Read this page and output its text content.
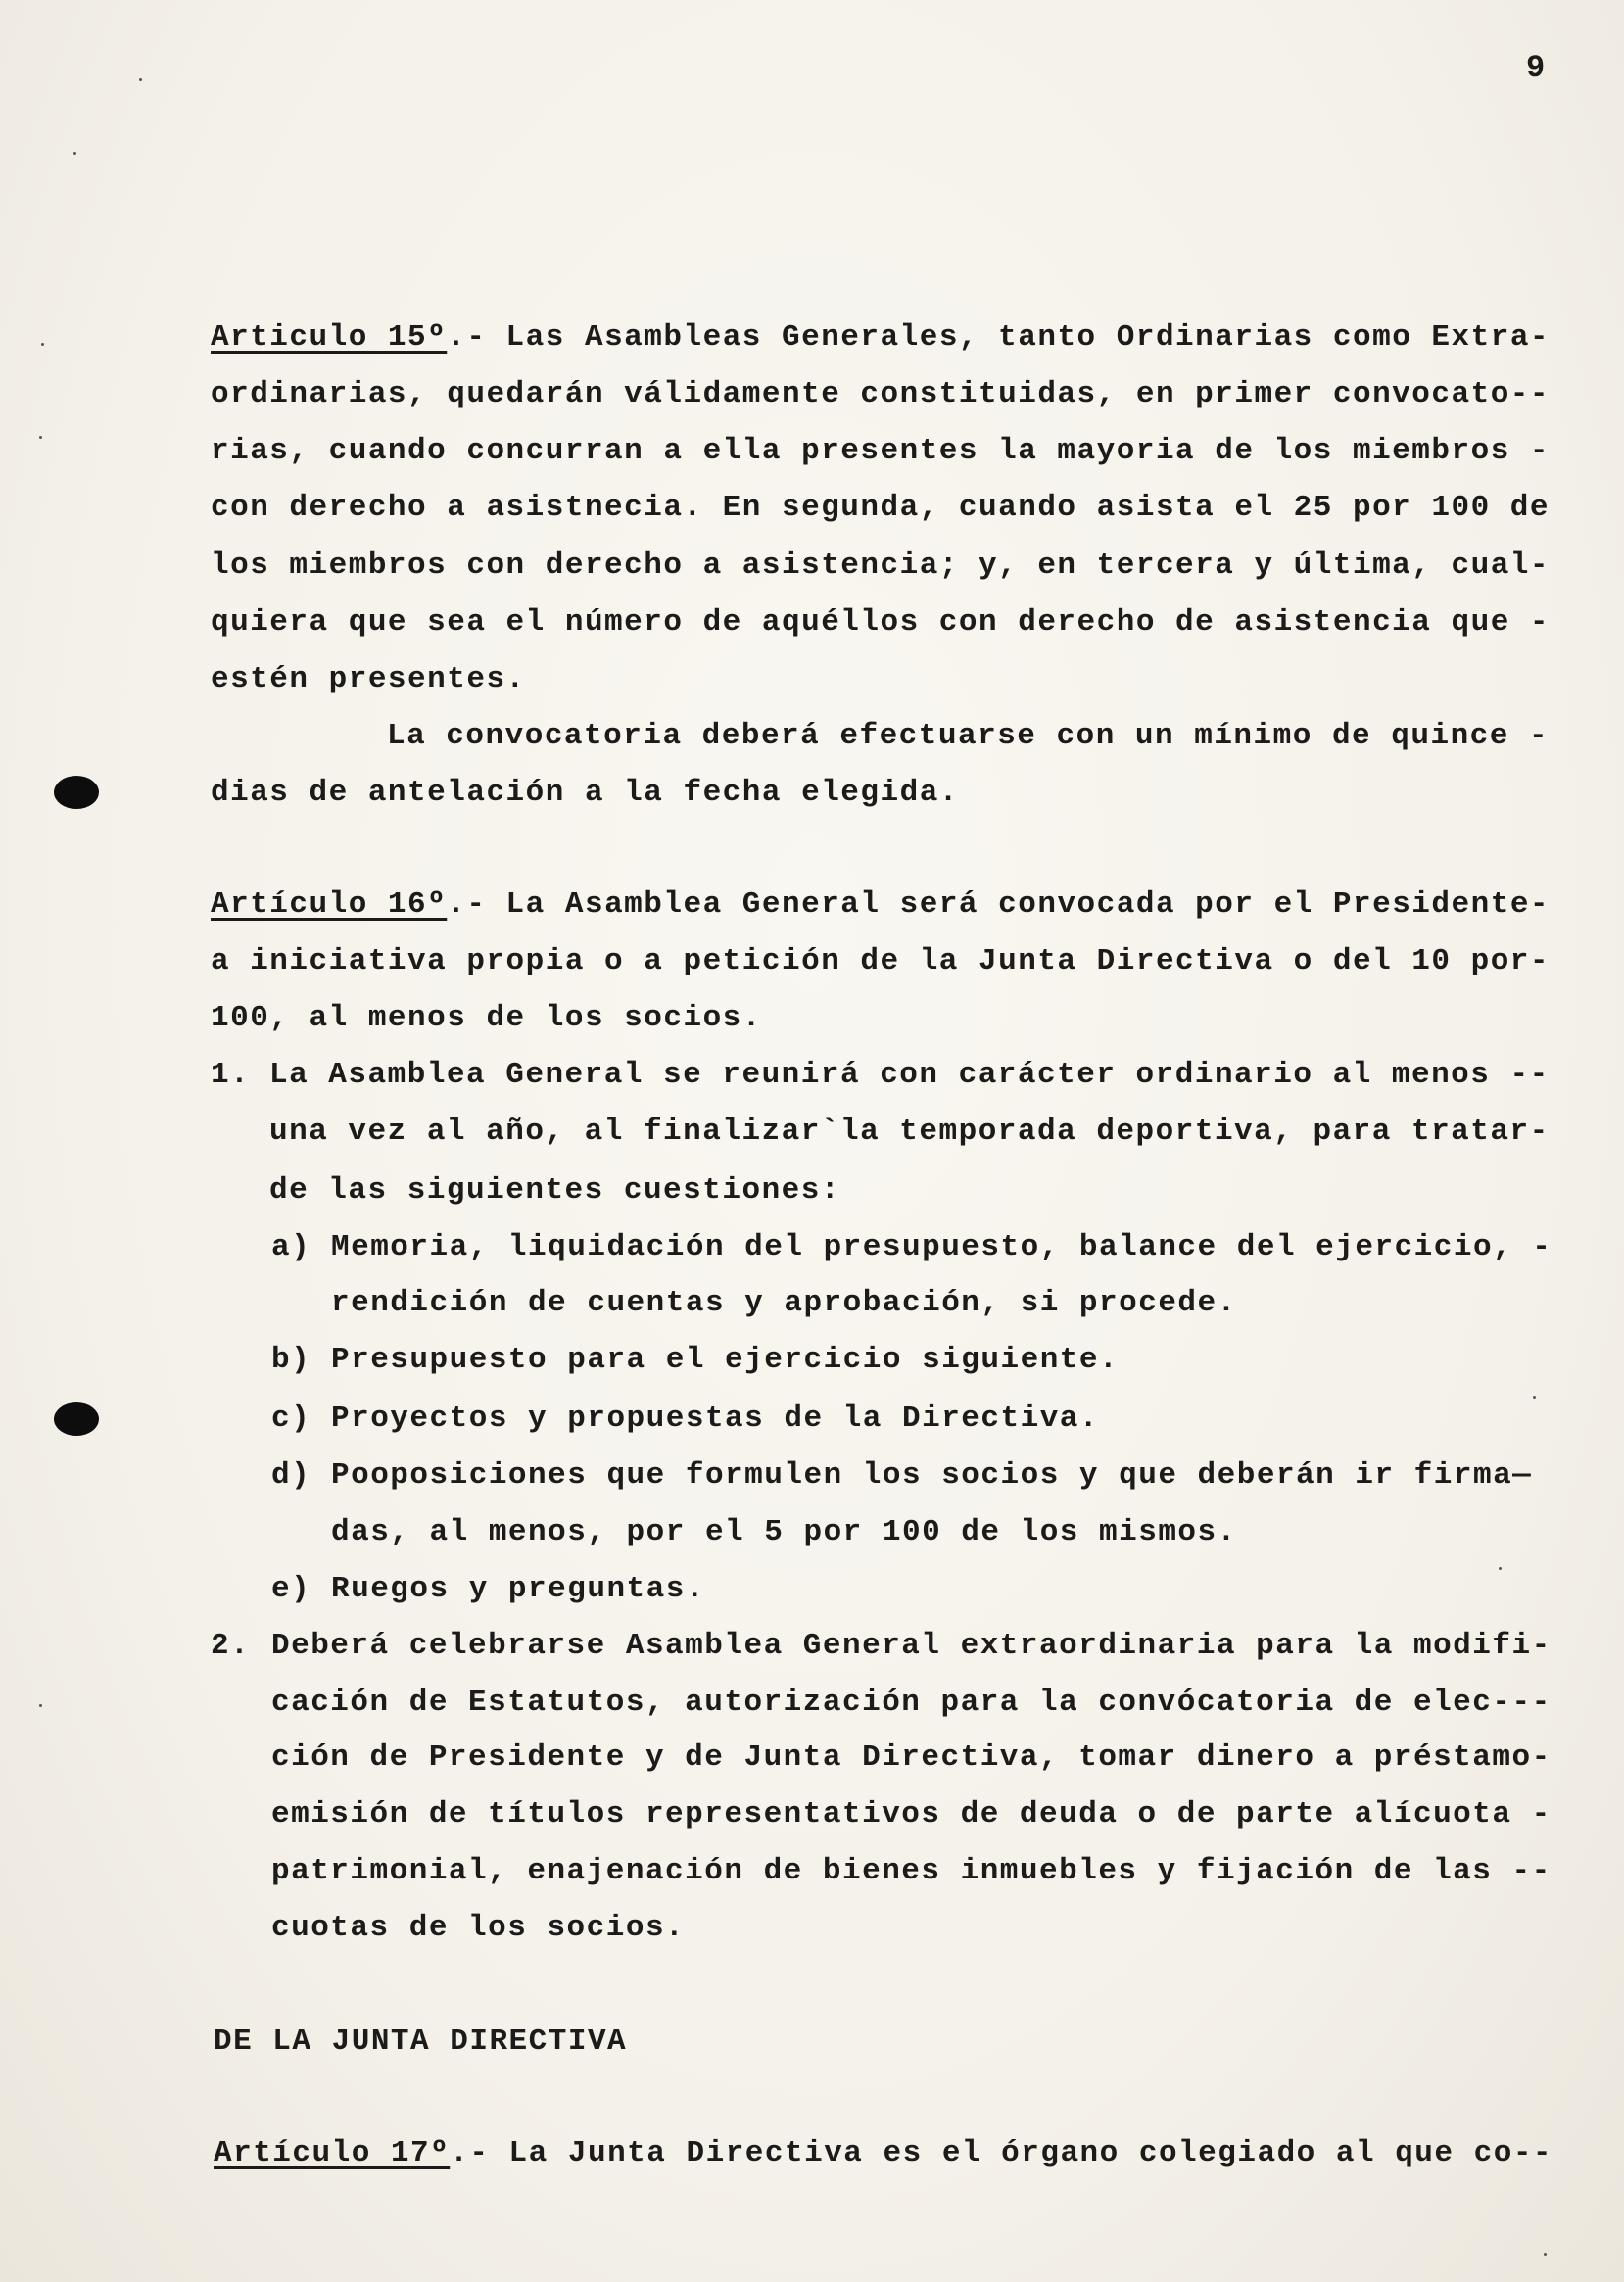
9
Articulo 15º.- Las Asambleas Generales, tanto Ordinarias como Extra-
ordinarias, quedarán válidamente constituidas, en primer convocato--
rias, cuando concurran a ella presentes la mayoria de los miembros -
con derecho a asistnecia. En segunda, cuando asista el 25 por 100 de
los miembros con derecho a asistencia; y, en tercera y última, cual-
quiera que sea el número de aquéllos con derecho de asistencia que -
estén presentes.
La convocatoria deberá efectuarse con un mínimo de quince -
dias de antelación a la fecha elegida.
Artículo 16º.- La Asamblea General será convocada por el Presidente-
a iniciativa propia o a petición de la Junta Directiva o del 10 por-
100, al menos de los socios.
1. La Asamblea General se reunirá con carácter ordinario al menos --
una vez al año, al finalizar`la temporada deportiva, para tratar-
de las siguientes cuestiones:
a) Memoria, liquidación del presupuesto, balance del ejercicio, -
rendición de cuentas y aprobación, si procede.
b) Presupuesto para el ejercicio siguiente.
c) Proyectos y propuestas de la Directiva.
d) Pooposiciones que formulen los socios y que deberán ir firma—
das, al menos, por el 5 por 100 de los mismos.
e) Ruegos y preguntas.
2. Deberá celebrarse Asamblea General extraordinaria para la modifi-
cación de Estatutos, autorización para la convócatoria de elec---
ción de Presidente y de Junta Directiva, tomar dinero a préstamo-
emisión de títulos representativos de deuda o de parte alícuota -
patrimonial, enajenación de bienes inmuebles y fijación de las --
cuotas de los socios.
DE LA JUNTA DIRECTIVA
Artículo 17º.- La Junta Directiva es el órgano colegiado al que co--
